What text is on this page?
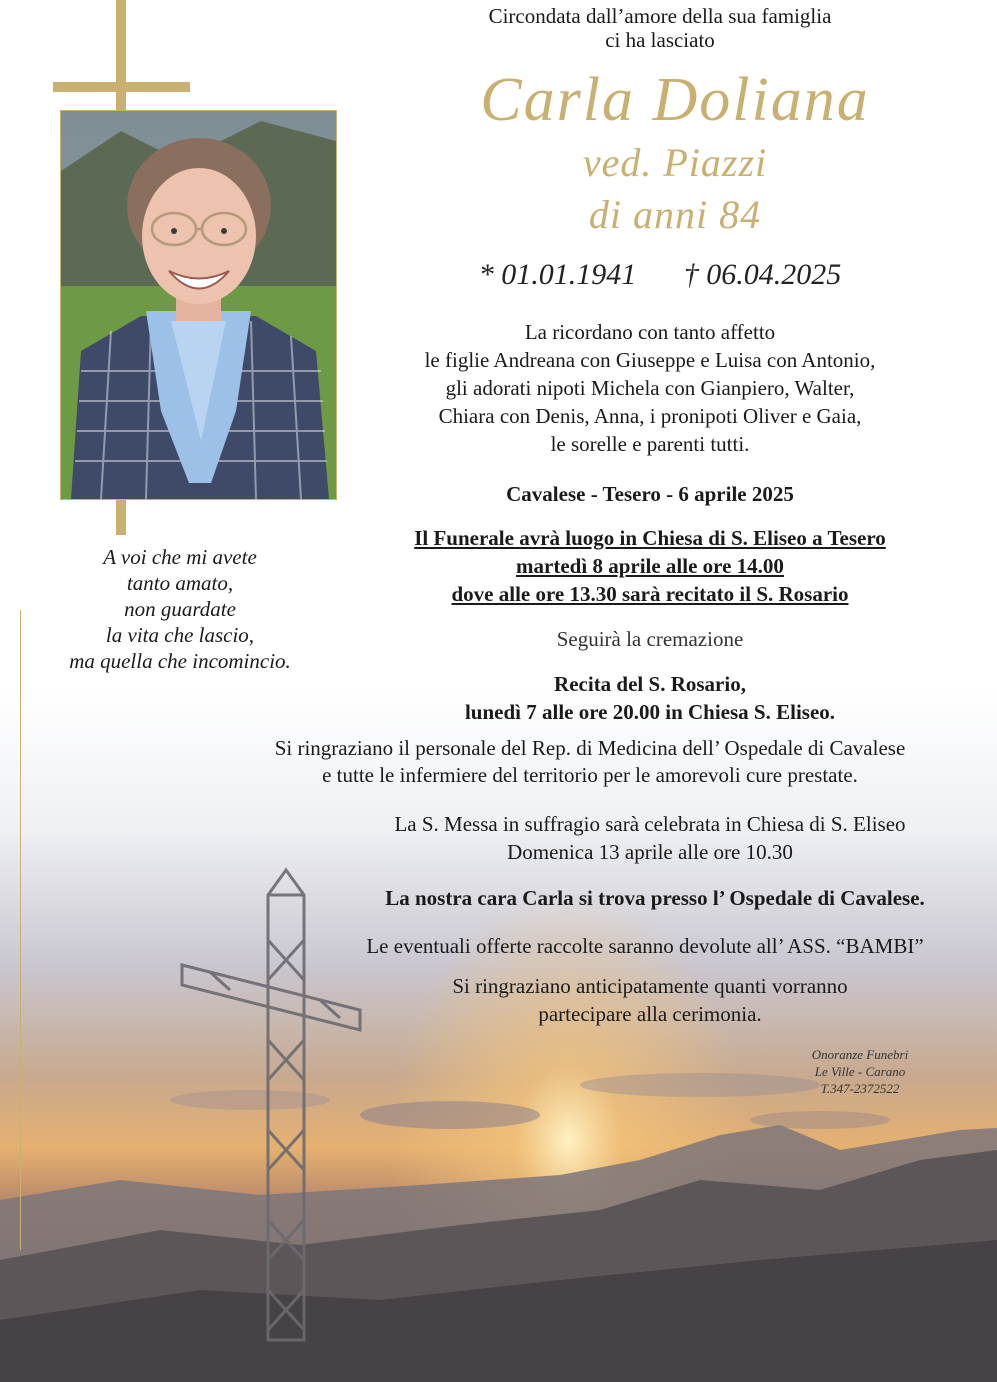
Circondata dall’amore della sua famiglia
ci ha lasciato
Carla Doliana
ved. Piazzi
di anni 84
* 01.01.1941 † 06.04.2025
La ricordano con tanto affetto
le figlie Andreana con Giuseppe e Luisa con Antonio,
gli adorati nipoti Michela con Gianpiero, Walter,
Chiara con Denis, Anna, i pronipoti Oliver e Gaia,
le sorelle e parenti tutti.
Cavalese - Tesero - 6 aprile 2025
Il Funerale avrà luogo in Chiesa di S. Eliseo a Tesero
martedì 8 aprile alle ore 14.00
dove alle ore 13.30 sarà recitato il S. Rosario
Seguirà la cremazione
Recita del S. Rosario,
lunedì 7 alle ore 20.00 in Chiesa S. Eliseo.
Si ringraziano il personale del Rep. di Medicina dell’ Ospedale di Cavalese
e tutte le infermiere del territorio per le amorevoli cure prestate.
La S. Messa in suffragio sarà celebrata in Chiesa di S. Eliseo
Domenica 13 aprile alle ore 10.30
La nostra cara Carla si trova presso l’ Ospedale di Cavalese.
Le eventuali offerte raccolte saranno devolute all’ ASS. “BAMBI”
Si ringraziano anticipatamente quanti vorranno
partecipare alla cerimonia.
A voi che mi avete
tanto amato,
non guardate
la vita che lascio,
ma quella che incomincio.
Onoranze Funebri
Le Ville - Carano
T.347-2372522
